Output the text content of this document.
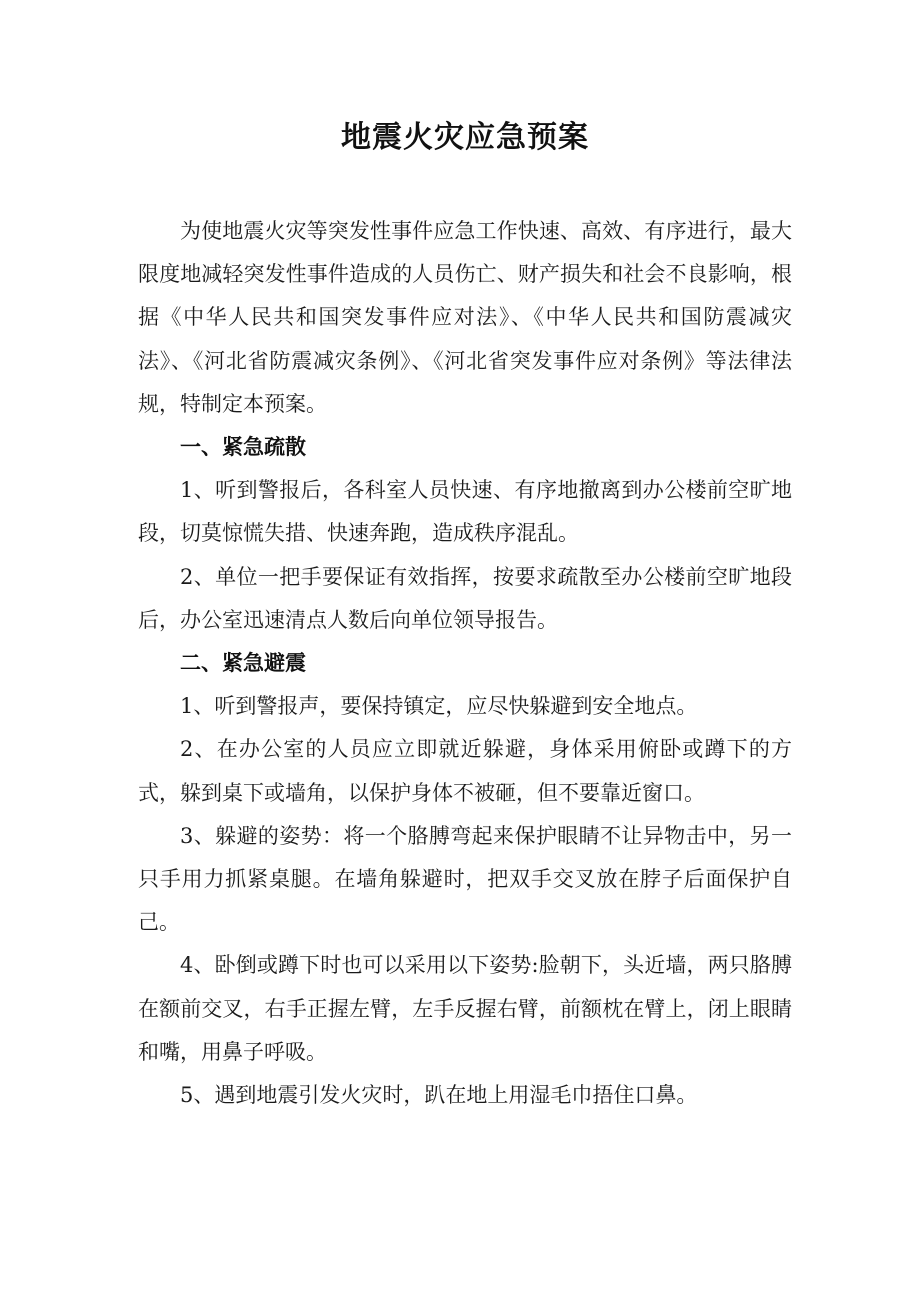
地震火灾应急预案

为使地震火灾等突发性事件应急工作快速、高效、有序进行，最大限度地减轻突发性事件造成的人员伤亡、财产损失和社会不良影响，根据《中华人民共和国突发事件应对法》、《中华人民共和国防震减灾法》、《河北省防震减灾条例》、《河北省突发事件应对条例》等法律法规，特制定本预案。

一、紧急疏散

1、听到警报后，各科室人员快速、有序地撤离到办公楼前空旷地段，切莫惊慌失措、快速奔跑，造成秩序混乱。

2、单位一把手要保证有效指挥，按要求疏散至办公楼前空旷地段后，办公室迅速清点人数后向单位领导报告。

二、紧急避震

1、听到警报声，要保持镇定，应尽快躲避到安全地点。

2、在办公室的人员应立即就近躲避，身体采用俯卧或蹲下的方式，躲到桌下或墙角，以保护身体不被砸，但不要靠近窗口。

3、躲避的姿势：将一个胳膊弯起来保护眼睛不让异物击中，另一只手用力抓紧桌腿。在墙角躲避时，把双手交叉放在脖子后面保护自己。

4、卧倒或蹲下时也可以采用以下姿势:脸朝下，头近墙，两只胳膊在额前交叉，右手正握左臂，左手反握右臂，前额枕在臂上，闭上眼睛和嘴，用鼻子呼吸。

5、遇到地震引发火灾时，趴在地上用湿毛巾捂住口鼻。
